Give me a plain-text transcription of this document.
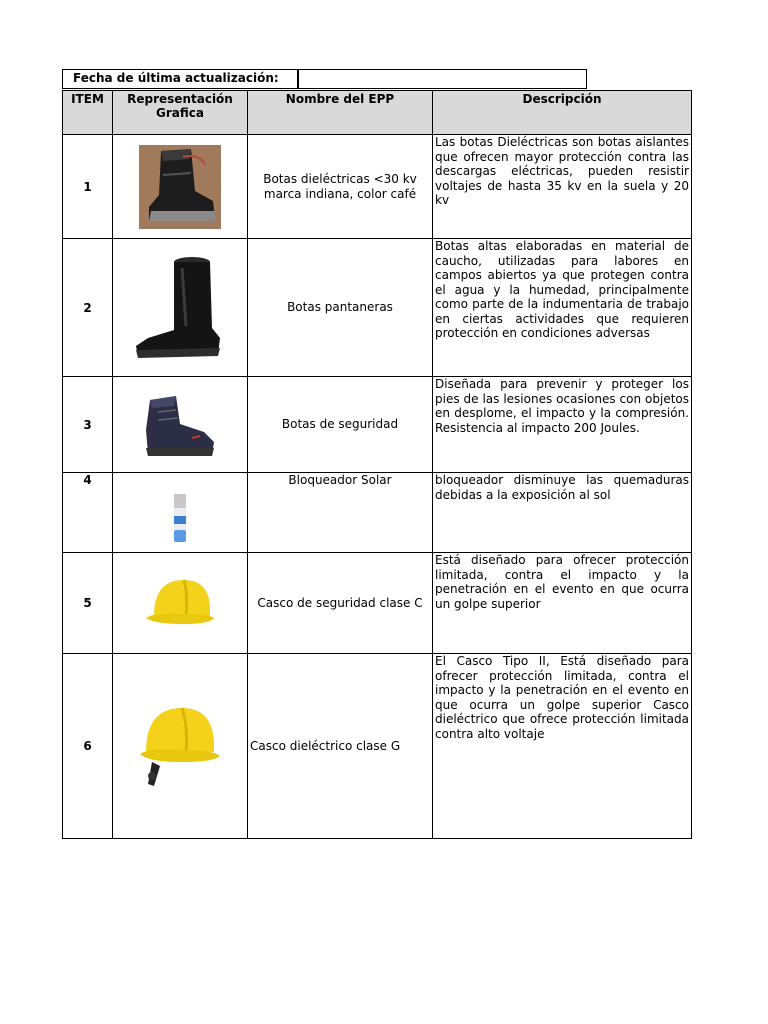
Fecha de última actualización:
ITEM	Representación Grafica	Nombre del EPP	Descripción
1		Botas dieléctricas <30 kv marca indiana, color café	Las botas Dieléctricas son botas aislantes que ofrecen mayor protección contra las descargas eléctricas, pueden resistir voltajes de hasta 35 kv en la suela y 20 kv
2		Botas pantaneras	Botas altas elaboradas en material de caucho, utilizadas para labores en campos abiertos ya que protegen contra el agua y la humedad, principalmente como parte de la indumentaria de trabajo en ciertas actividades que requieren protección en condiciones adversas
3		Botas de seguridad	Diseñada para prevenir y proteger los pies de las lesiones ocasiones con objetos en desplome, el impacto y la compresión. Resistencia al impacto 200 Joules.
4		Bloqueador Solar	bloqueador disminuye las quemaduras debidas a la exposición al sol
5		Casco de seguridad clase C	Está diseñado para ofrecer protección limitada, contra el impacto y la penetración en el evento en que ocurra un golpe superior
6		Casco dieléctrico clase G	El Casco Tipo II, Está diseñado para ofrecer protección limitada, contra el impacto y la penetración en el evento en que ocurra un golpe superior Casco dieléctrico que ofrece protección limitada contra alto voltaje
